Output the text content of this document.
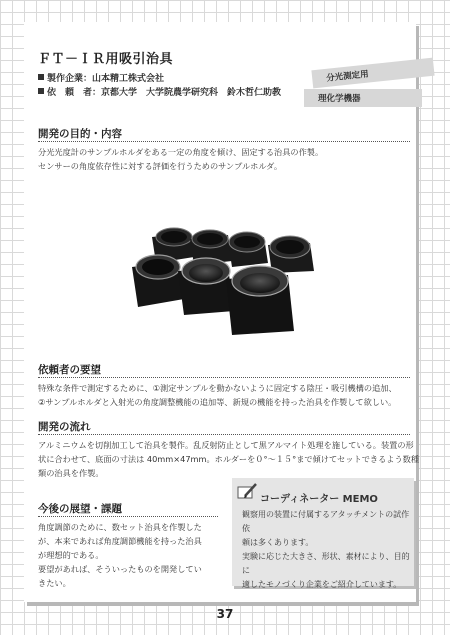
ＦＴ－ＩＲ用吸引治具
製作企業：山本精工株式会社
依　頼　者：京都大学　大学院農学研究科　鈴木哲仁助教
分光測定用
理化学機器
開発の目的・内容
分光光度計のサンプルホルダをある一定の角度を傾け、固定する治具の作製。
センサーの角度依存性に対する評価を行うためのサンプルホルダ。
依頼者の要望
特殊な条件で測定するために、①測定サンプルを動かないように固定する陰圧・吸引機構の追加、
②サンプルホルダと入射光の角度調整機能の追加等、新規の機能を持った治具を作製して欲しい。
開発の流れ
アルミニウムを切削加工して治具を製作。乱反射防止として黒アルマイト処理を施している。装置の形
状に合わせて、底面の寸法は 40mm×47mm。ホルダーを０°～１５°まで傾けてセットできるよう数種
類の治具を作製。
今後の展望・課題
角度調節のために、数セット治具を作製した
が、本来であれば角度調節機能を持った治具
が理想的である。
要望があれば、そういったものを開発してい
きたい。
コーディネーター MEMO
観察用の装置に付属するアタッチメントの試作依
頼は多くあります。
実験に応じた大きさ、形状、素材により、目的に
適したモノづくり企業をご紹介しています。
37
